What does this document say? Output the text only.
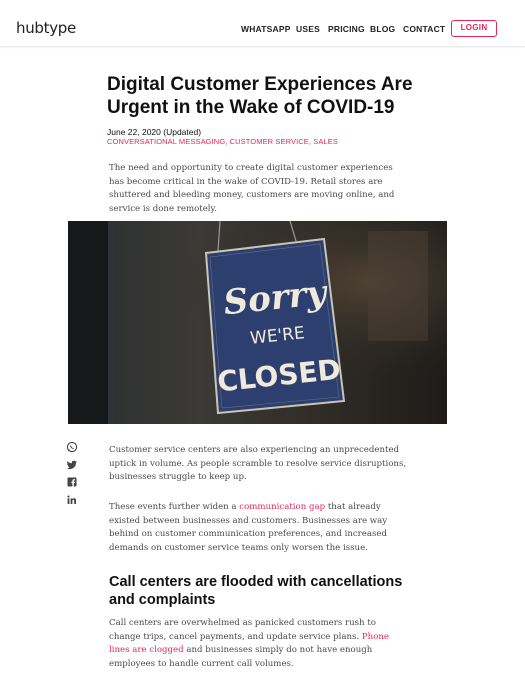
hubtype	WHATSAPP USES PRICING BLOG CONTACT	LOGIN
Digital Customer Experiences Are Urgent in the Wake of COVID-19
June 22, 2020 (Updated)
CONVERSATIONAL MESSAGING, CUSTOMER SERVICE, SALES

The need and opportunity to create digital customer experiences has become critical in the wake of COVID-19. Retail stores are shuttered and bleeding money, customers are moving online, and service is done remotely.

Sorry
WE'RE
CLOSED

Customer service centers are also experiencing an unprecedented uptick in volume. As people scramble to resolve service disruptions, businesses struggle to keep up.

These events further widen a communication gap that already existed between businesses and customers. Businesses are way behind on customer communication preferences, and increased demands on customer service teams only worsen the issue.

Call centers are flooded with cancellations and complaints

Call centers are overwhelmed as panicked customers rush to change trips, cancel payments, and update service plans. Phone lines are clogged and businesses simply do not have enough employees to handle current call volumes.
